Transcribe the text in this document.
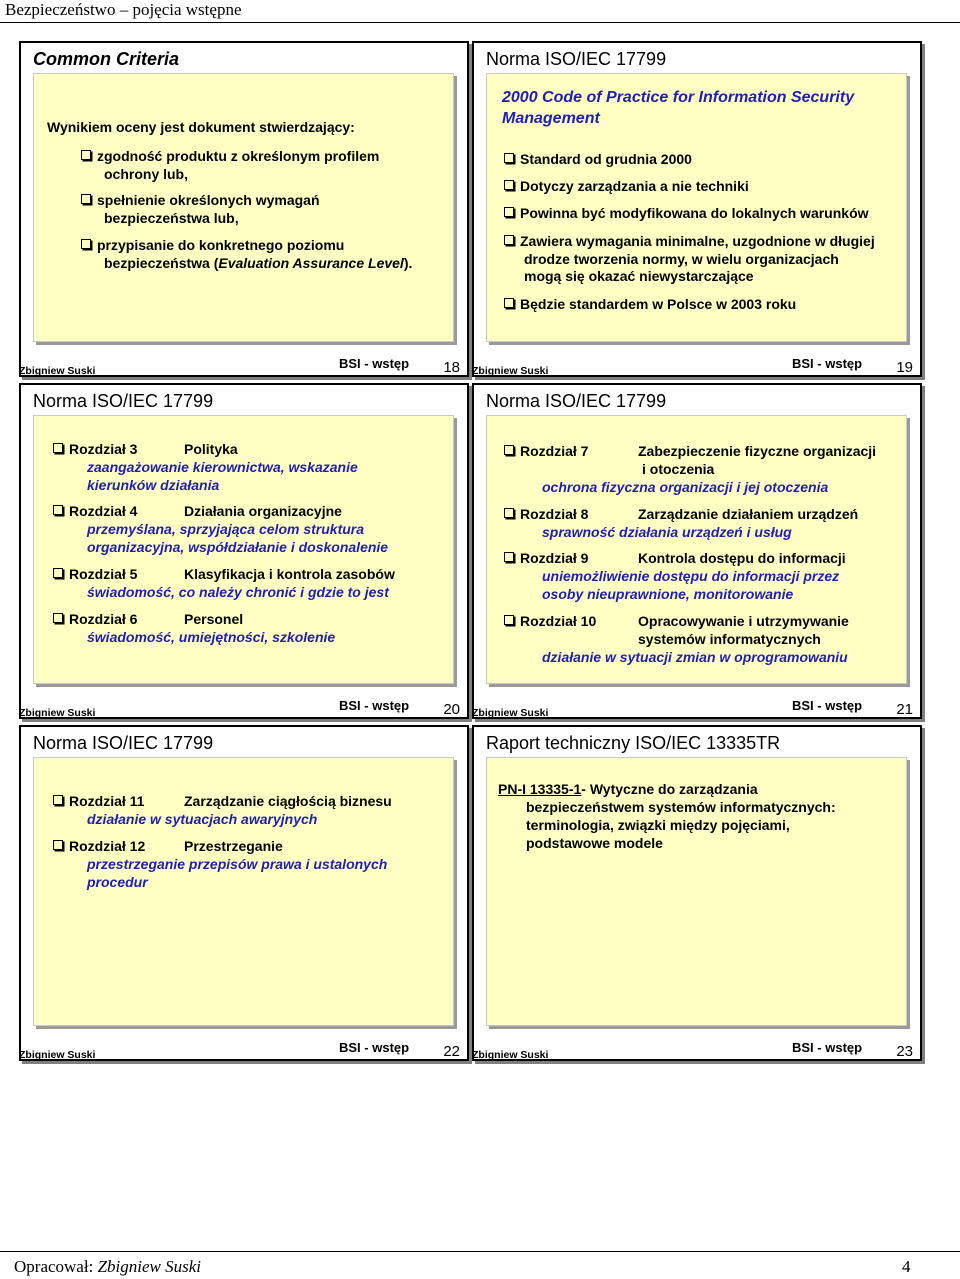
Bezpieczeństwo – pojęcia wstępne
Common Criteria
Wynikiem oceny jest dokument stwierdzający:
zgodność produktu z określonym profilem
ochrony lub,
spełnienie określonych wymagań
bezpieczeństwa lub,
przypisanie do konkretnego poziomu
bezpieczeństwa (Evaluation Assurance Level).
Zbigniew Suski	BSI - wstęp 18
Norma ISO/IEC 17799
2000 Code of Practice for Information Security
Management
Standard od grudnia 2000
Dotyczy zarządzania a nie techniki
Powinna być modyfikowana do lokalnych warunków
Zawiera wymagania minimalne, uzgodnione w długiej
drodze tworzenia normy, w wielu organizacjach
mogą się okazać niewystarczające
Będzie standardem w Polsce w 2003 roku
Zbigniew Suski	BSI - wstęp 19
Norma ISO/IEC 17799
Rozdział 3	Polityka
zaangażowanie kierownictwa, wskazanie
kierunków działania
Rozdział 4	Działania organizacyjne
przemyślana, sprzyjająca celom struktura
organizacyjna, współdziałanie i doskonalenie
Rozdział 5	Klasyfikacja i kontrola zasobów
świadomość, co należy chronić i gdzie to jest
Rozdział 6	Personel
świadomość, umiejętności, szkolenie
Zbigniew Suski	BSI - wstęp 20
Norma ISO/IEC 17799
Rozdział 7	Zabezpieczenie fizyczne organizacji
i otoczenia
ochrona fizyczna organizacji i jej otoczenia
Rozdział 8	Zarządzanie działaniem urządzeń
sprawność działania urządzeń i usług
Rozdział 9	Kontrola dostępu do informacji
uniemożliwienie dostępu do informacji przez
osoby nieuprawnione, monitorowanie
Rozdział 10	Opracowywanie i utrzymywanie
systemów informatycznych
działanie w sytuacji zmian w oprogramowaniu
Zbigniew Suski	BSI - wstęp 21
Norma ISO/IEC 17799
Rozdział 11	Zarządzanie ciągłością biznesu
działanie w sytuacjach awaryjnych
Rozdział 12	Przestrzeganie
przestrzeganie przepisów prawa i ustalonych
procedur
Zbigniew Suski	BSI - wstęp 22
Raport techniczny ISO/IEC 13335TR
PN-I 13335-1- Wytyczne do zarządzania
bezpieczeństwem systemów informatycznych:
terminologia, związki między pojęciami,
podstawowe modele
Zbigniew Suski	BSI - wstęp 23
Opracował: Zbigniew Suski	4
